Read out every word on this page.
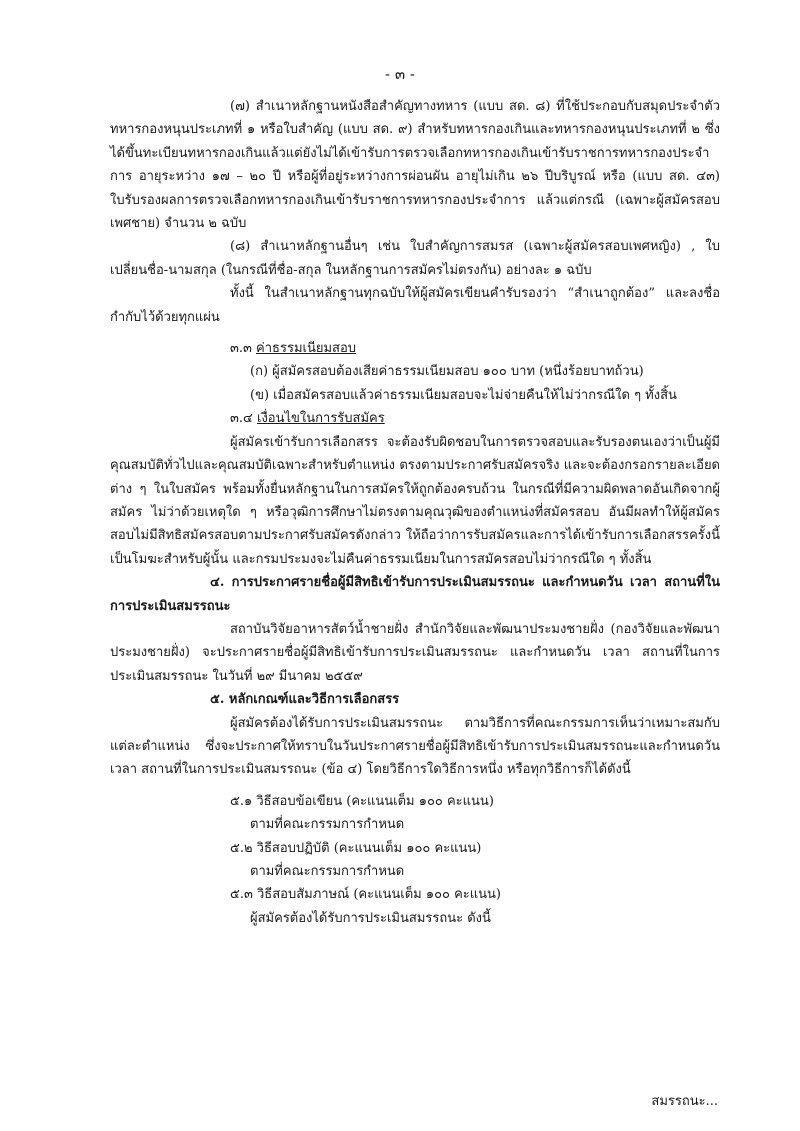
- ๓ -

(๗) สำเนาหลักฐานหนังสือสำคัญทางทหาร (แบบ สด. ๘) ที่ใช้ประกอบกับสมุดประจำตัวทหารกองหนุนประเภทที่ ๑ หรือใบสำคัญ (แบบ สด. ๙) สำหรับทหารกองเกินและทหารกองหนุนประเภทที่ ๒ ซึ่งได้ขึ้นทะเบียนทหารกองเกินแล้วแต่ยังไม่ได้เข้ารับการตรวจเลือกทหารกองเกินเข้ารับราชการทหารกองประจำการ อายุระหว่าง ๑๗ – ๒๐ ปี หรือผู้ที่อยู่ระหว่างการผ่อนผัน อายุไม่เกิน ๒๖ ปีบริบูรณ์ หรือ (แบบ สด. ๔๓) ใบรับรองผลการตรวจเลือกทหารกองเกินเข้ารับราชการทหารกองประจำการ แล้วแต่กรณี (เฉพาะผู้สมัครสอบเพศชาย) จำนวน ๒ ฉบับ

(๘) สำเนาหลักฐานอื่นๆ เช่น ใบสำคัญการสมรส (เฉพาะผู้สมัครสอบเพศหญิง) , ใบเปลี่ยนชื่อ-นามสกุล (ในกรณีที่ชื่อ-สกุล ในหลักฐานการสมัครไม่ตรงกัน) อย่างละ ๑ ฉบับ

ทั้งนี้ ในสำเนาหลักฐานทุกฉบับให้ผู้สมัครเขียนคำรับรองว่า “สำเนาถูกต้อง” และลงชื่อกำกับไว้ด้วยทุกแผ่น

๓.๓ ค่าธรรมเนียมสอบ

(ก) ผู้สมัครสอบต้องเสียค่าธรรมเนียมสอบ ๑๐๐ บาท (หนึ่งร้อยบาทถ้วน)

(ข) เมื่อสมัครสอบแล้วค่าธรรมเนียมสอบจะไม่จ่ายคืนให้ไม่ว่ากรณีใด ๆ ทั้งสิ้น

๓.๔ เงื่อนไขในการรับสมัคร

ผู้สมัครเข้ารับการเลือกสรร จะต้องรับผิดชอบในการตรวจสอบและรับรองตนเองว่าเป็นผู้มีคุณสมบัติทั่วไปและคุณสมบัติเฉพาะสำหรับตำแหน่ง ตรงตามประกาศรับสมัครจริง และจะต้องกรอกรายละเอียดต่าง ๆ ในใบสมัคร พร้อมทั้งยื่นหลักฐานในการสมัครให้ถูกต้องครบถ้วน ในกรณีที่มีความผิดพลาดอันเกิดจากผู้สมัคร ไม่ว่าด้วยเหตุใด ๆ หรือวุฒิการศึกษาไม่ตรงตามคุณวุฒิของตำแหน่งที่สมัครสอบ อันมีผลทำให้ผู้สมัครสอบไม่มีสิทธิสมัครสอบตามประกาศรับสมัครดังกล่าว ให้ถือว่าการรับสมัครและการได้เข้ารับการเลือกสรรครั้งนี้เป็นโมฆะสำหรับผู้นั้น และกรมประมงจะไม่คืนค่าธรรมเนียมในการสมัครสอบไม่ว่ากรณีใด ๆ ทั้งสิ้น

๔. การประกาศรายชื่อผู้มีสิทธิเข้ารับการประเมินสมรรถนะ และกำหนดวัน เวลา สถานที่ในการประเมินสมรรถนะ

สถาบันวิจัยอาหารสัตว์น้ำชายฝั่ง สำนักวิจัยและพัฒนาประมงชายฝั่ง (กองวิจัยและพัฒนาประมงชายฝั่ง) จะประกาศรายชื่อผู้มีสิทธิเข้ารับการประเมินสมรรถนะ และกำหนดวัน เวลา สถานที่ในการประเมินสมรรถนะ ในวันที่ ๒๙ มีนาคม ๒๕๕๙

๕. หลักเกณฑ์และวิธีการเลือกสรร

ผู้สมัครต้องได้รับการประเมินสมรรถนะ ตามวิธีการที่คณะกรรมการเห็นว่าเหมาะสมกับแต่ละตำแหน่ง ซึ่งจะประกาศให้ทราบในวันประกาศรายชื่อผู้มีสิทธิเข้ารับการประเมินสมรรถนะและกำหนดวัน เวลา สถานที่ในการประเมินสมรรถนะ (ข้อ ๔) โดยวิธีการใดวิธีการหนึ่ง หรือทุกวิธีการก็ได้ดังนี้

๕.๑ วิธีสอบข้อเขียน (คะแนนเต็ม ๑๐๐ คะแนน)

ตามที่คณะกรรมการกำหนด

๕.๒ วิธีสอบปฏิบัติ (คะแนนเต็ม ๑๐๐ คะแนน)

ตามที่คณะกรรมการกำหนด

๕.๓ วิธีสอบสัมภาษณ์ (คะแนนเต็ม ๑๐๐ คะแนน)

ผู้สมัครต้องได้รับการประเมินสมรรถนะ ดังนี้

สมรรถนะ...
